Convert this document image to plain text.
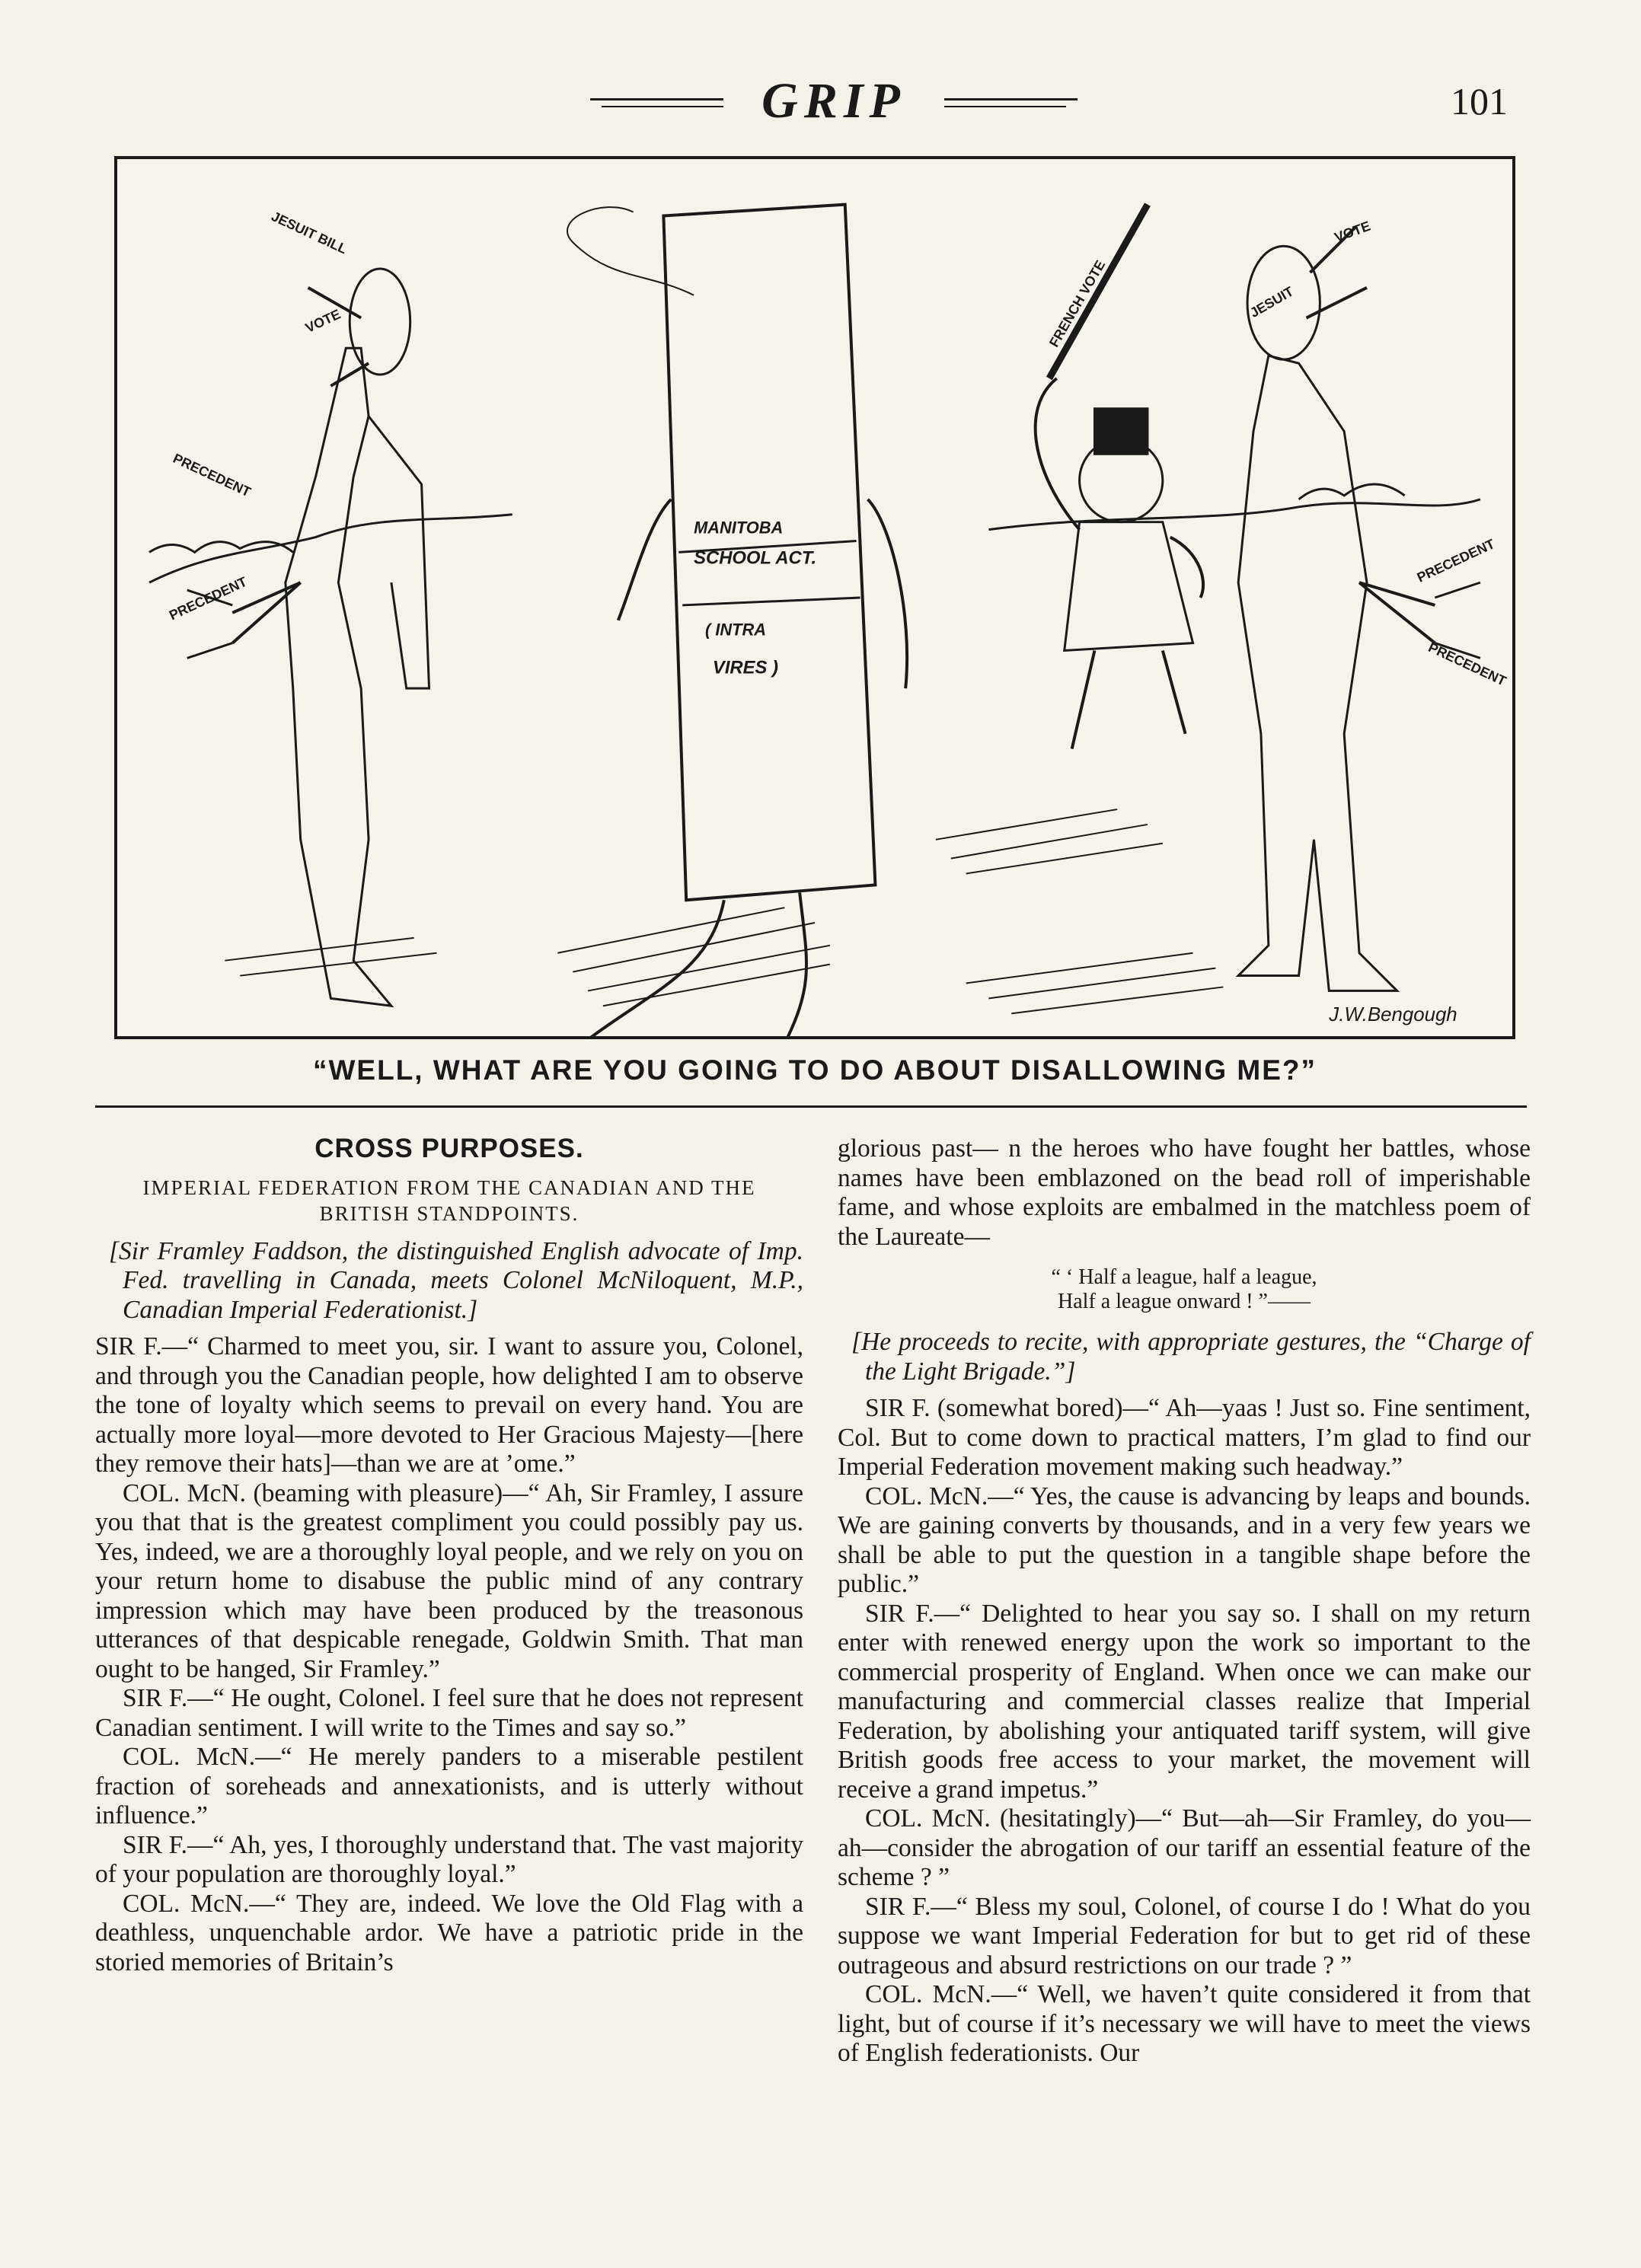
GRIP	101
JESUIT BILL
VOTE
PRECEDENT
PRECEDENT
MANITOBA
SCHOOL ACT.
( INTRA
VIRES )
FRENCH VOTE	JESUIT
VOTE
PRECEDENT
PRECEDENT
J.W.Bengough
“WELL, WHAT ARE YOU GOING TO DO ABOUT DISALLOWING ME?”
CROSS PURPOSES.
IMPERIAL FEDERATION FROM THE CANADIAN AND THE BRITISH STANDPOINTS.

[Sir Framley Faddson, the distinguished English advocate of Imp. Fed. travelling in Canada, meets Colonel McNiloquent, M.P., Canadian Imperial Federationist.]

SIR F.—“ Charmed to meet you, sir. I want to assure you, Colonel, and through you the Canadian people, how delighted I am to observe the tone of loyalty which seems to prevail on every hand. You are actually more loyal—more devoted to Her Gracious Majesty—[here they remove their hats]—than we are at ’ome.”

COL. McN. (beaming with pleasure)—“ Ah, Sir Framley, I assure you that that is the greatest compliment you could possibly pay us. Yes, indeed, we are a thoroughly loyal people, and we rely on you on your return home to disabuse the public mind of any contrary impression which may have been produced by the treasonous utterances of that despicable renegade, Goldwin Smith. That man ought to be hanged, Sir Framley.”

SIR F.—“ He ought, Colonel. I feel sure that he does not represent Canadian sentiment. I will write to the Times and say so.”

COL. McN.—“ He merely panders to a miserable pestilent fraction of soreheads and annexationists, and is utterly without influence.”

SIR F.—“ Ah, yes, I thoroughly understand that. The vast majority of your population are thoroughly loyal.”

COL. McN.—“ They are, indeed. We love the Old Flag with a deathless, unquenchable ardor. We have a patriotic pride in the storied memories of Britain’s

glorious past— n the heroes who have fought her battles, whose names have been emblazoned on the bead roll of imperishable fame, and whose exploits are embalmed in the matchless poem of the Laureate—

“ ‘ Half a league, half a league,

Half a league onward ! ”——

[He proceeds to recite, with appropriate gestures, the “Charge of the Light Brigade.”]

SIR F. (somewhat bored)—“ Ah—yaas ! Just so. Fine sentiment, Col. But to come down to practical matters, I’m glad to find our Imperial Federation movement making such headway.”

COL. McN.—“ Yes, the cause is advancing by leaps and bounds. We are gaining converts by thousands, and in a very few years we shall be able to put the question in a tangible shape before the public.”

SIR F.—“ Delighted to hear you say so. I shall on my return enter with renewed energy upon the work so important to the commercial prosperity of England. When once we can make our manufacturing and commercial classes realize that Imperial Federation, by abolishing your antiquated tariff system, will give British goods free access to your market, the movement will receive a grand impetus.”

COL. McN. (hesitatingly)—“ But—ah—Sir Framley, do you—ah—consider the abrogation of our tariff an essential feature of the scheme ? ”

SIR F.—“ Bless my soul, Colonel, of course I do ! What do you suppose we want Imperial Federation for but to get rid of these outrageous and absurd restrictions on our trade ? ”

COL. McN.—“ Well, we haven’t quite considered it from that light, but of course if it’s necessary we will have to meet the views of English federationists. Our
